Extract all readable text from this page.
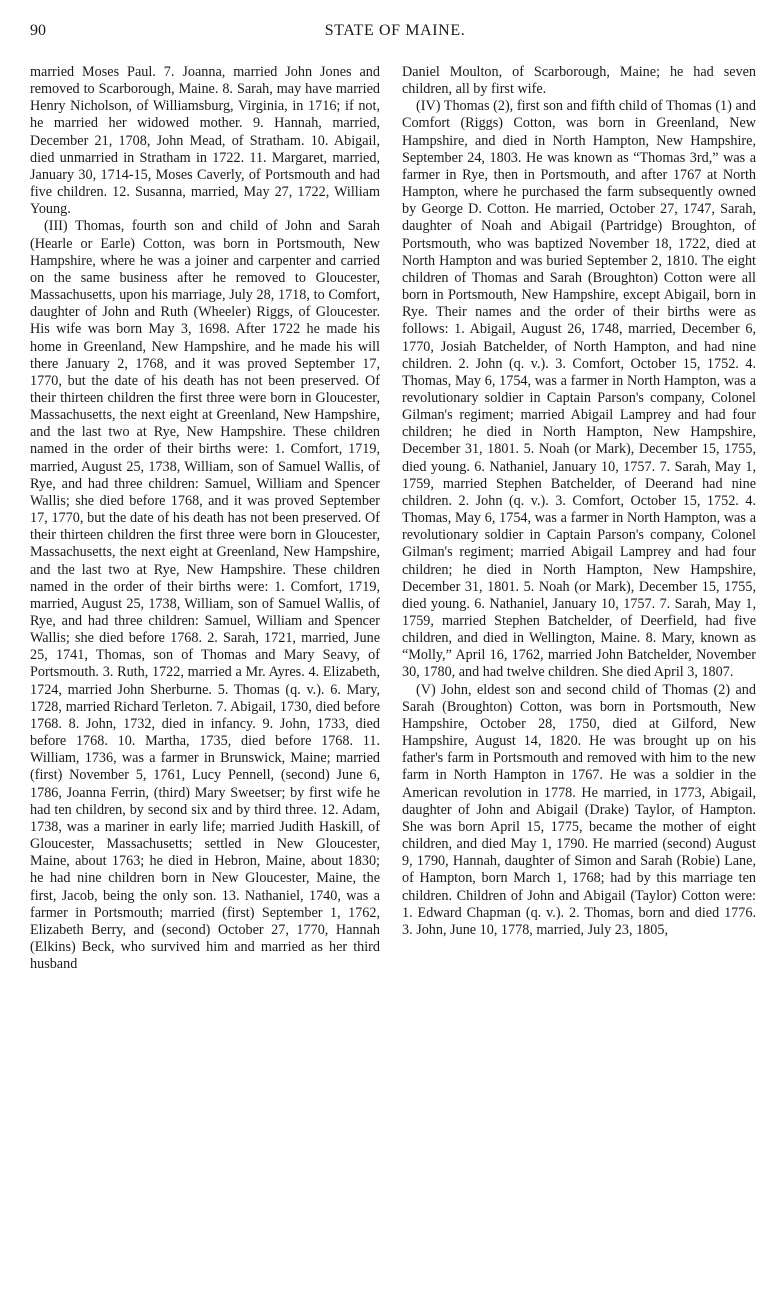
90	STATE OF MAINE.

married Moses Paul. 7. Joanna, married John Jones and removed to Scarborough, Maine. 8. Sarah, may have married Henry Nicholson, of Williamsburg, Virginia, in 1716; if not, he married her widowed mother. 9. Hannah, married, December 21, 1708, John Mead, of Stratham. 10. Abigail, died unmarried in Stratham in 1722. 11. Margaret, married, January 30, 1714-15, Moses Caverly, of Portsmouth and had five children. 12. Susanna, married, May 27, 1722, William Young.

(III) Thomas, fourth son and child of John and Sarah (Hearle or Earle) Cotton, was born in Portsmouth, New Hampshire, where he was a joiner and carpenter and carried on the same business after he removed to Gloucester, Massachusetts, upon his marriage, July 28, 1718, to Comfort, daughter of John and Ruth (Wheeler) Riggs, of Gloucester. His wife was born May 3, 1698. After 1722 he made his home in Greenland, New Hampshire, and he made his will there January 2, 1768, and it was proved September 17, 1770, but the date of his death has not been preserved. Of their thirteen children the first three were born in Gloucester, Massachusetts, the next eight at Greenland, New Hampshire, and the last two at Rye, New Hampshire. These children named in the order of their births were: 1. Comfort, 1719, married, August 25, 1738, William, son of Samuel Wallis, of Rye, and had three children: Samuel, William and Spencer Wallis; she died before 1768, and it was proved September 17, 1770, but the date of his death has not been preserved. Of their thirteen children the first three were born in Gloucester, Massachusetts, the next eight at Greenland, New Hampshire, and the last two at Rye, New Hampshire. These children named in the order of their births were: 1. Comfort, 1719, married, August 25, 1738, William, son of Samuel Wallis, of Rye, and had three children: Samuel, William and Spencer Wallis; she died before 1768. 2. Sarah, 1721, married, June 25, 1741, Thomas, son of Thomas and Mary Seavy, of Portsmouth. 3. Ruth, 1722, married a Mr. Ayres. 4. Elizabeth, 1724, married John Sherburne. 5. Thomas (q. v.). 6. Mary, 1728, married Richard Terleton. 7. Abigail, 1730, died before 1768. 8. John, 1732, died in infancy. 9. John, 1733, died before 1768. 10. Martha, 1735, died before 1768. 11. William, 1736, was a farmer in Brunswick, Maine; married (first) November 5, 1761, Lucy Pennell, (second) June 6, 1786, Joanna Ferrin, (third) Mary Sweetser; by first wife he had ten children, by second six and by third three. 12. Adam, 1738, was a mariner in early life; married Judith Haskill, of Gloucester, Massachusetts; settled in New Gloucester, Maine, about 1763; he died in Hebron, Maine, about 1830; he had nine children born in New Gloucester, Maine, the first, Jacob, being the only son. 13. Nathaniel, 1740, was a farmer in Portsmouth; married (first) September 1, 1762, Elizabeth Berry, and (second) October 27, 1770, Hannah (Elkins) Beck, who survived him and married as her third husband

Daniel Moulton, of Scarborough, Maine; he had seven children, all by first wife.

(IV) Thomas (2), first son and fifth child of Thomas (1) and Comfort (Riggs) Cotton, was born in Greenland, New Hampshire, and died in North Hampton, New Hampshire, September 24, 1803. He was known as “Thomas 3rd,” was a farmer in Rye, then in Portsmouth, and after 1767 at North Hampton, where he purchased the farm subsequently owned by George D. Cotton. He married, October 27, 1747, Sarah, daughter of Noah and Abigail (Partridge) Broughton, of Portsmouth, who was baptized November 18, 1722, died at North Hampton and was buried September 2, 1810. The eight children of Thomas and Sarah (Broughton) Cotton were all born in Portsmouth, New Hampshire, except Abigail, born in Rye. Their names and the order of their births were as follows: 1. Abigail, August 26, 1748, married, December 6, 1770, Josiah Batchelder, of North Hampton, and had nine children. 2. John (q. v.). 3. Comfort, October 15, 1752. 4. Thomas, May 6, 1754, was a farmer in North Hampton, was a revolutionary soldier in Captain Parson's company, Colonel Gilman's regiment; married Abigail Lamprey and had four children; he died in North Hampton, New Hampshire, December 31, 1801. 5. Noah (or Mark), December 15, 1755, died young. 6. Nathaniel, January 10, 1757. 7. Sarah, May 1, 1759, married Stephen Batchelder, of Deerand had nine children. 2. John (q. v.). 3. Comfort, October 15, 1752. 4. Thomas, May 6, 1754, was a farmer in North Hampton, was a revolutionary soldier in Captain Parson's company, Colonel Gilman's regiment; married Abigail Lamprey and had four children; he died in North Hampton, New Hampshire, December 31, 1801. 5. Noah (or Mark), December 15, 1755, died young. 6. Nathaniel, January 10, 1757. 7. Sarah, May 1, 1759, married Stephen Batchelder, of Deerfield, had five children, and died in Wellington, Maine. 8. Mary, known as “Molly,” April 16, 1762, married John Batchelder, November 30, 1780, and had twelve children. She died April 3, 1807.

(V) John, eldest son and second child of Thomas (2) and Sarah (Broughton) Cotton, was born in Portsmouth, New Hampshire, October 28, 1750, died at Gilford, New Hampshire, August 14, 1820. He was brought up on his father's farm in Portsmouth and removed with him to the new farm in North Hampton in 1767. He was a soldier in the American revolution in 1778. He married, in 1773, Abigail, daughter of John and Abigail (Drake) Taylor, of Hampton. She was born April 15, 1775, became the mother of eight children, and died May 1, 1790. He married (second) August 9, 1790, Hannah, daughter of Simon and Sarah (Robie) Lane, of Hampton, born March 1, 1768; had by this marriage ten children. Children of John and Abigail (Taylor) Cotton were: 1. Edward Chapman (q. v.). 2. Thomas, born and died 1776. 3. John, June 10, 1778, married, July 23, 1805,
